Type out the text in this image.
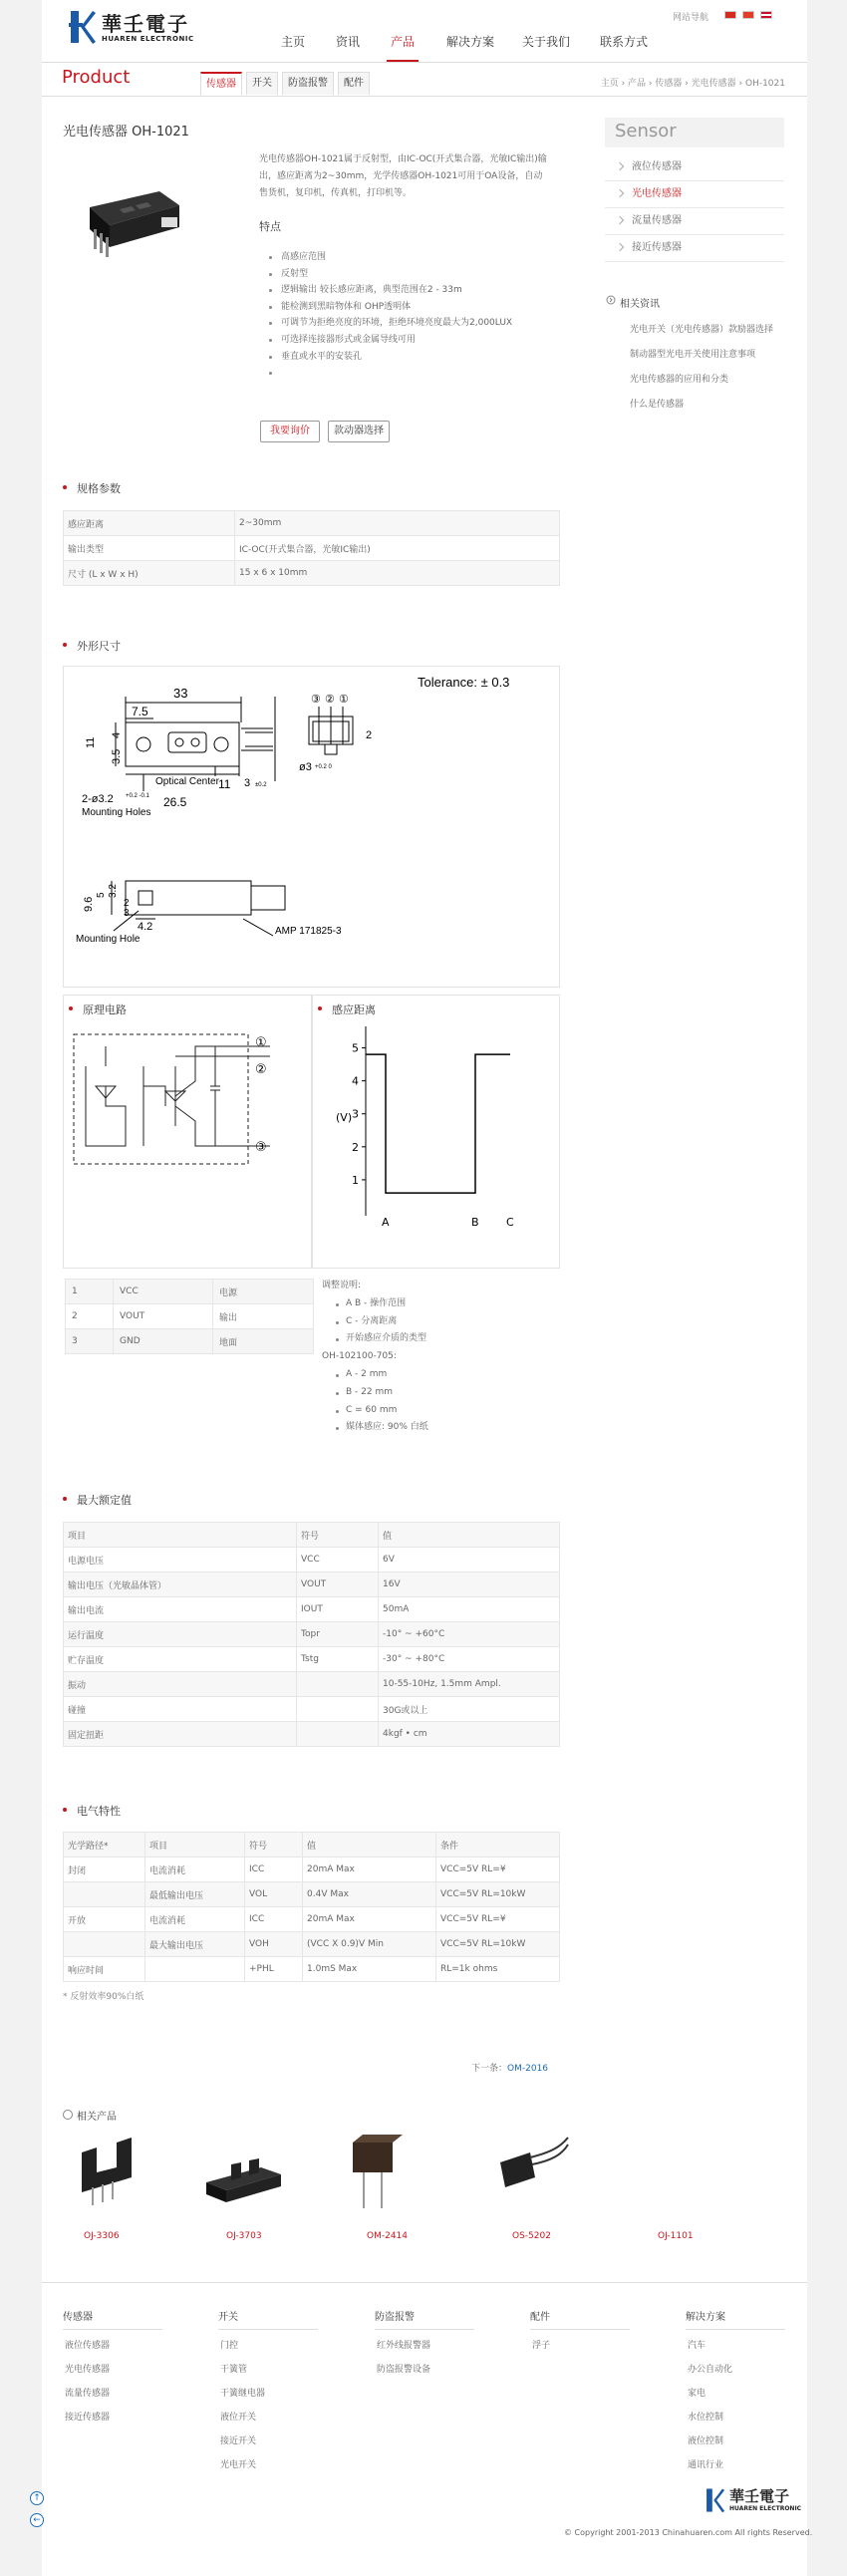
華壬電子
HUAREN ELECTRONIC
网站导航
主页	资讯	产品	解决方案 关于我们 联系方式
Product	传感器	开关	防盗报警	配件	主页 › 产品 › 传感器 › 光电传感器 › OH-1021
光电传感器 OH-1021
光电传感器OH-1021属于反射型，由IC-OC(开式集合器，光敏IC输出)输出，感应距离为2~30mm，光学传感器OH-1021可用于OA设备，自动售货机，复印机，传真机，打印机等。
特点
高感应范围
反射型
逻辑输出 较长感应距离，典型范围在2 - 33m
能检测到黑暗物体和 OHP透明体
可调节为拒绝亮度的环境，拒绝环境亮度最大为2,000LUX
可选择连接器形式或金属导线可用
垂直或水平的安装孔
我要询价	款动器选择
Sensor
液位传感器
光电传感器
流量传感器
接近传感器
相关资讯
光电开关（光电传感器）款励器选择
制动器型光电开关使用注意事项
光电传感器的应用和分类
什么是传感器
规格参数
感应距离	2~30mm
输出类型	IC-OC(开式集合器，光敏IC输出)
尺寸 (L x W x H)	15 x 6 x 10mm
外形尺寸
Tolerance: ± 0.3
33
7.5
11
4
3.5
11 3 ±0.2
26.5
2-ø3.2 +0.2 -0.1
Mounting Holes
Optical Center
③ ② ①
2
ø3 +0.2 0
9.6
5 3.2
2
3
4.2
Mounting Hole
AMP 171825-3
原理电路
①
②
③
感应距离
(V)
1
2
3
4
5
A	B C
1	VCC	电源
2	VOUT	输出
3	GND	地面
调整说明:
A B - 操作范围
C - 分离距离
开始感应介质的类型
OH-102100-705:
A - 2 mm
B - 22 mm
C = 60 mm
媒体感应: 90% 白纸
最大额定值
项目	符号	值
电源电压	VCC	6V
输出电压（光敏晶体管）	VOUT	16V
输出电流	IOUT	50mA
运行温度	Topr	-10° ~ +60°C
贮存温度	Tstg	-30° ~ +80°C
振动		10-55-10Hz, 1.5mm Ampl.
碰撞		30G或以上
固定扭距		4kgf • cm
电气特性
光学路径*	项目	符号	值	条件
封闭	电流消耗	ICC	20mA Max	VCC=5V RL=¥
	最低输出电压	VOL	0.4V Max	VCC=5V RL=10kW
开放	电流消耗	ICC	20mA Max	VCC=5V RL=¥
	最大输出电压	VOH	(VCC X 0.9)V Min	VCC=5V RL=10kW
响应时间		+PHL	1.0mS Max	RL=1k ohms
* 反射效率90%白纸
下一条：OM-2016
相关产品
OJ-3306	OJ-3703	OM-2414	OS-5202	OJ-1101
传感器
液位传感器
光电传感器
流量传感器
接近传感器
开关
门控
干簧管
干簧继电器
液位开关
接近开关
光电开关
防盗报警
红外线报警器
防盗报警设备
配件
浮子
解决方案
汽车
办公自动化
家电
水位控制
液位控制
通讯行业
華壬電子
HUAREN ELECTRONIC
© Copyright 2001-2013 Chinahuaren.com All rights Reserved.
↑
←
